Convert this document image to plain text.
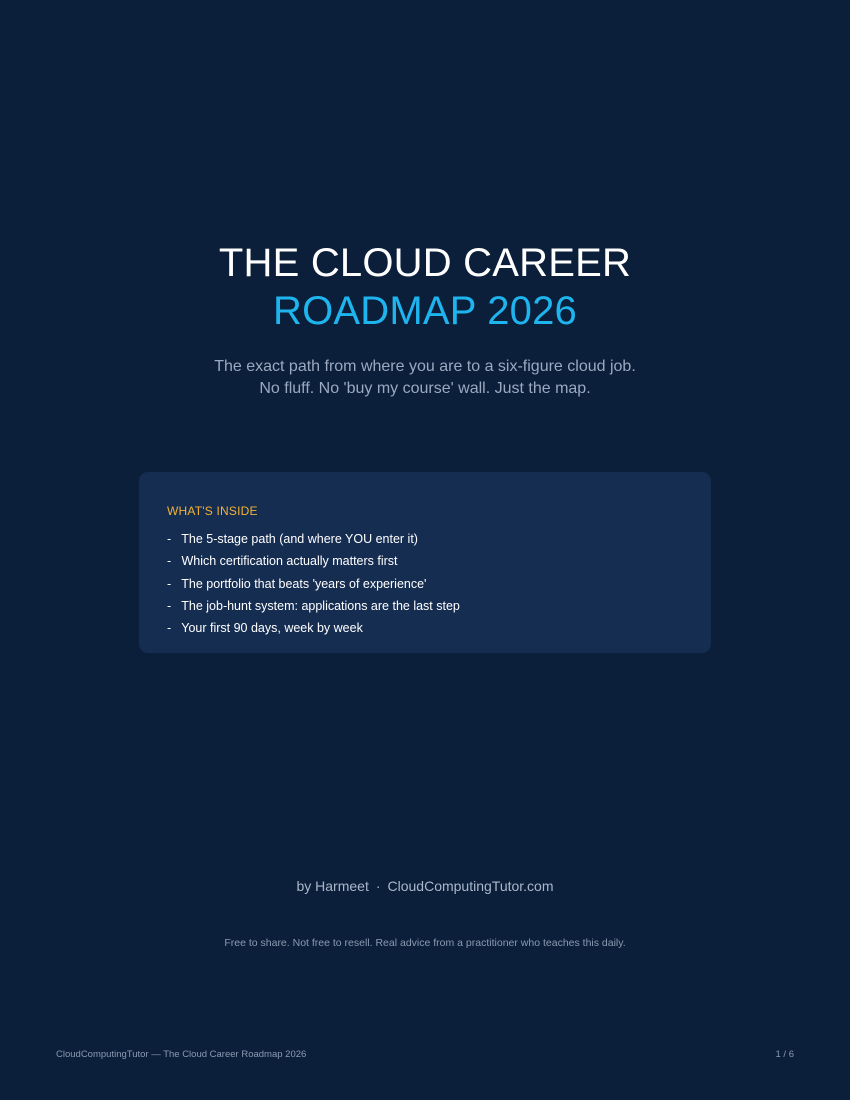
THE CLOUD CAREER
ROADMAP 2026
The exact path from where you are to a six-figure cloud job.
No fluff. No 'buy my course' wall. Just the map.
WHAT'S INSIDE
- The 5-stage path (and where YOU enter it)
- Which certification actually matters first
- The portfolio that beats 'years of experience'
- The job-hunt system: applications are the last step
- Your first 90 days, week by week
by Harmeet · CloudComputingTutor.com
Free to share. Not free to resell. Real advice from a practitioner who teaches this daily.
CloudComputingTutor — The Cloud Career Roadmap 2026	1 / 6
